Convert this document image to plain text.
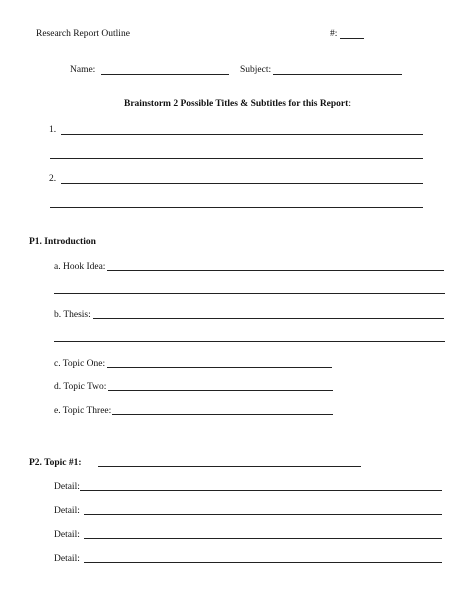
Research Report Outline	#:
Name:	Subject:
Brainstorm 2 Possible Titles & Subtitles for this Report:
1.
2.
P1. Introduction
a. Hook Idea:
b. Thesis:
c. Topic One:
d. Topic Two:
e. Topic Three:
P2. Topic #1:
Detail:
Detail:
Detail:
Detail:
